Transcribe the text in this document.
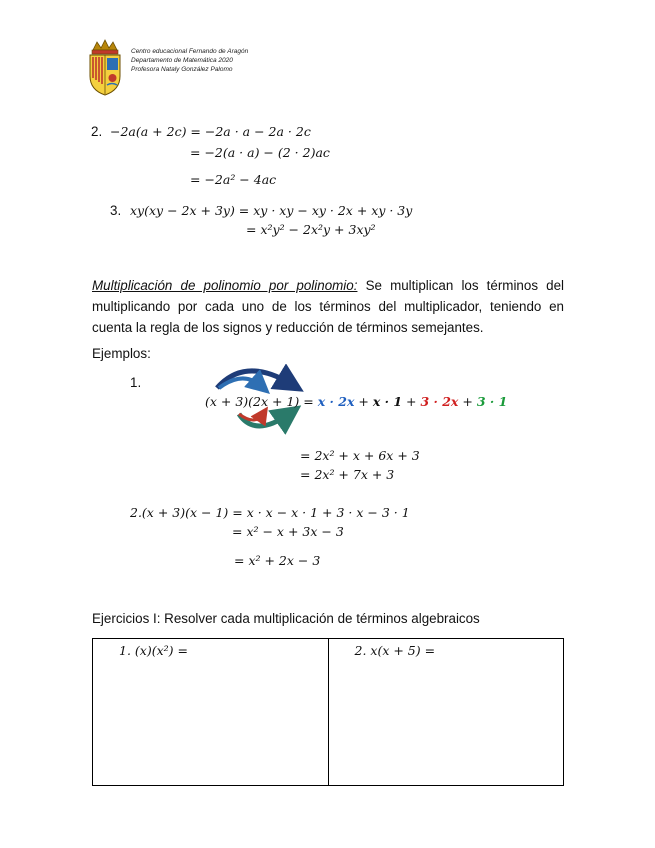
Centro educacional Fernando de Aragón
Departamento de Matemática 2020
Profesora Nataly González Palomo
2. −2a(a + 2c) = −2a · a − 2a · 2c
= −2(a · a) − (2 · 2)ac
= −2a² − 4ac
3. xy(xy − 2x + 3y) = xy · xy − xy · 2x + xy · 3y
= x²y² − 2x²y + 3xy²
Multiplicación de polinomio por polinomio: Se multiplican los términos del multiplicando por cada uno de los términos del multiplicador, teniendo en cuenta la regla de los signos y reducción de términos semejantes.
Ejemplos:
1.
(x + 3)(2x + 1) = x · 2x + x · 1 + 3 · 2x + 3 · 1
= 2x² + x + 6x + 3
= 2x² + 7x + 3
2.(x + 3)(x − 1) = x · x − x · 1 + 3 · x − 3 · 1
= x² − x + 3x − 3
= x² + 2x − 3
Ejercicios I: Resolver cada multiplicación de términos algebraicos
1. (x)(x²) =	2. x(x + 5) =
